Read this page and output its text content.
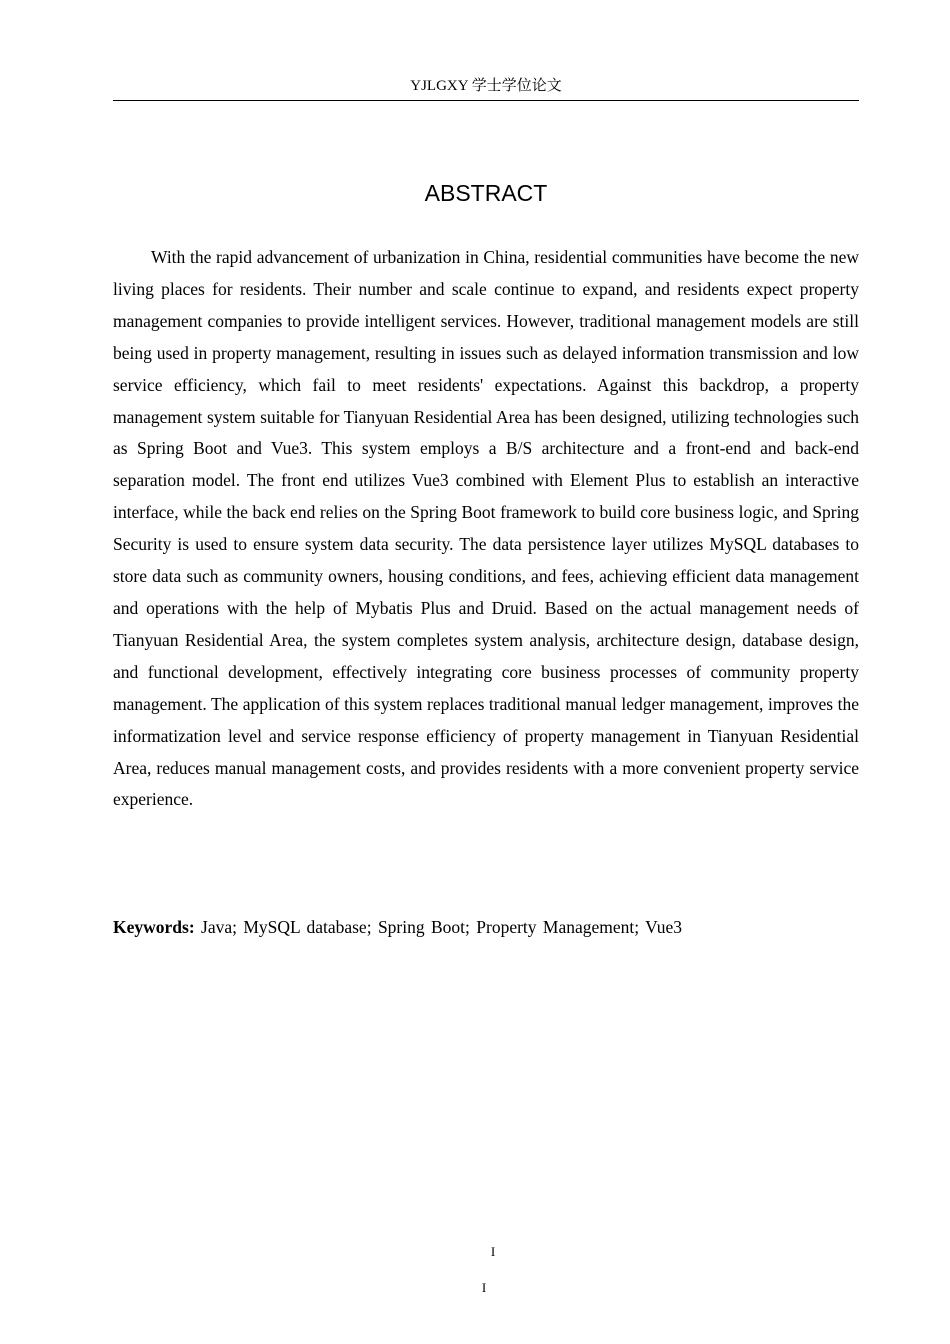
YJLGXY 学士学位论文
ABSTRACT

With the rapid advancement of urbanization in China, residential communities have become the new living places for residents. Their number and scale continue to expand, and residents expect property management companies to provide intelligent services. However, traditional management models are still being used in property management, resulting in issues such as delayed information transmission and low service efficiency, which fail to meet residents' expectations. Against this backdrop, a property management system suitable for Tianyuan Residential Area has been designed, utilizing technologies such as Spring Boot and Vue3. This system employs a B/S architecture and a front-end and back-end separation model. The front end utilizes Vue3 combined with Element Plus to establish an interactive interface, while the back end relies on the Spring Boot framework to build core business logic, and Spring Security is used to ensure system data security. The data persistence layer utilizes MySQL databases to store data such as community owners, housing conditions, and fees, achieving efficient data management and operations with the help of Mybatis Plus and Druid. Based on the actual management needs of Tianyuan Residential Area, the system completes system analysis, architecture design, database design, and functional development, effectively integrating core business processes of community property management. The application of this system replaces traditional manual ledger management, improves the informatization level and service response efficiency of property management in Tianyuan Residential Area, reduces manual management costs, and provides residents with a more convenient property service experience.

Keywords: Java; MySQL database; Spring Boot; Property Management; Vue3

I
I
